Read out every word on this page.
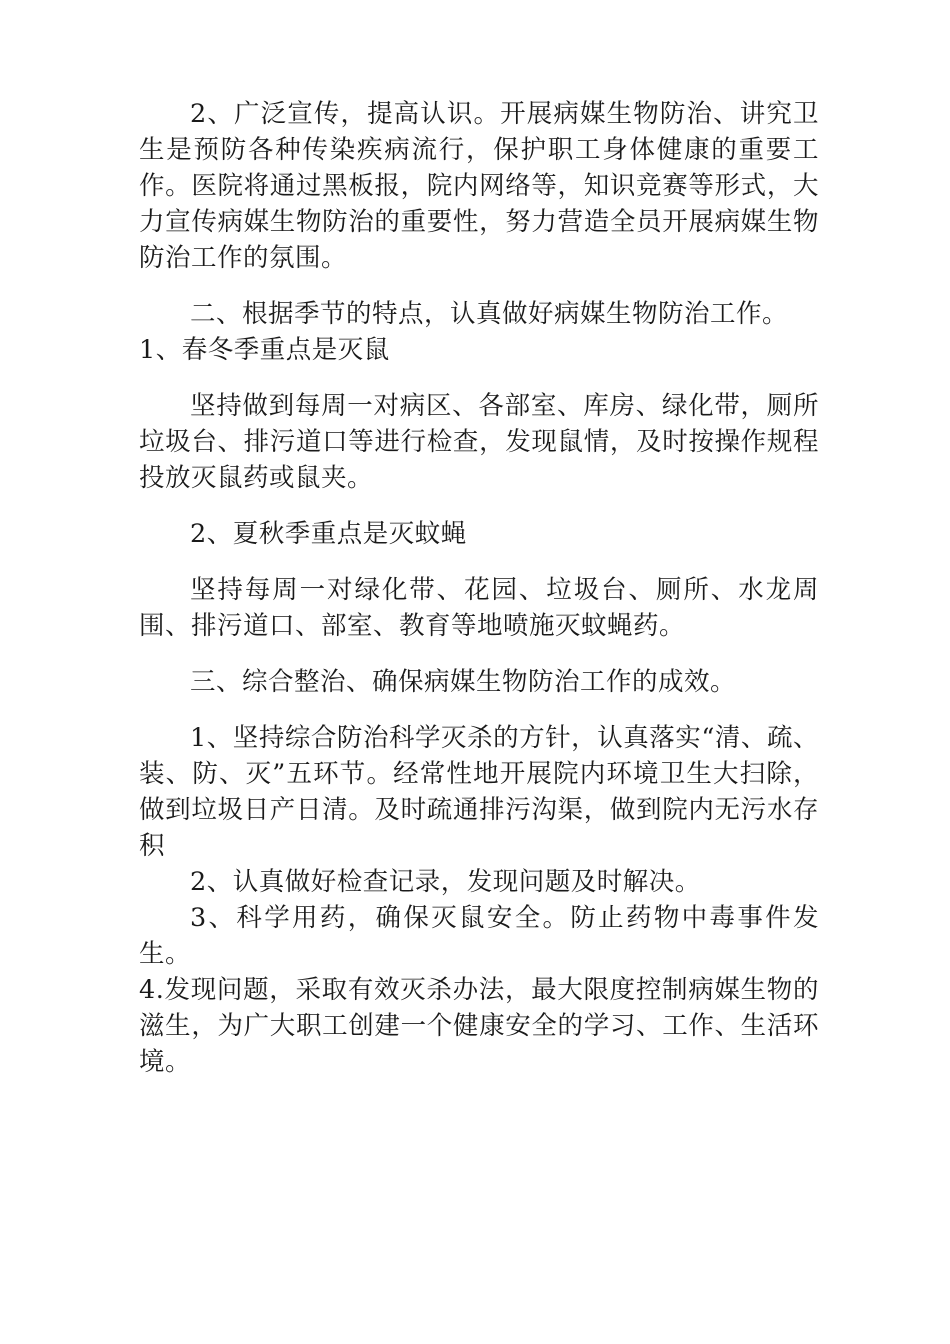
2、广泛宣传，提高认识。开展病媒生物防治、讲究卫生是预防各种传染疾病流行，保护职工身体健康的重要工作。医院将通过黑板报，院内网络等，知识竞赛等形式，大力宣传病媒生物防治的重要性，努力营造全员开展病媒生物防治工作的氛围。

二、根据季节的特点，认真做好病媒生物防治工作。

1、春冬季重点是灭鼠

坚持做到每周一对病区、各部室、库房、绿化带，厕所垃圾台、排污道口等进行检查，发现鼠情，及时按操作规程投放灭鼠药或鼠夹。

2、夏秋季重点是灭蚊蝇

坚持每周一对绿化带、花园、垃圾台、厕所、水龙周围、排污道口、部室、教育等地喷施灭蚊蝇药。

三、综合整治、确保病媒生物防治工作的成效。

1、坚持综合防治科学灭杀的方针，认真落实“清、疏、装、防、灭”五环节。经常性地开展院内环境卫生大扫除，做到垃圾日产日清。及时疏通排污沟渠，做到院内无污水存积

2、认真做好检查记录，发现问题及时解决。

3、科学用药，确保灭鼠安全。防止药物中毒事件发生。

4.发现问题，采取有效灭杀办法，最大限度控制病媒生物的滋生，为广大职工创建一个健康安全的学习、工作、生活环境。
